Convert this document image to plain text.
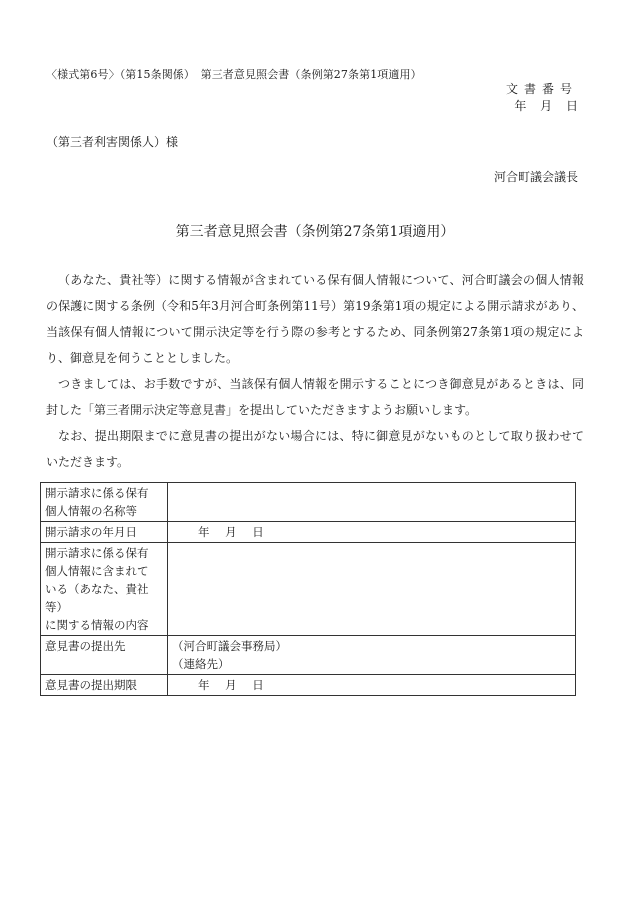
〈様式第6号〉（第15条関係）　第三者意見照会書（条例第27条第1項適用）
文書番号
年 月 日
（第三者利害関係人）様
河合町議会議長
第三者意見照会書（条例第27条第1項適用）

（あなた、貴社等）に関する情報が含まれている保有個人情報について、河合町議会の個人情報の保護に関する条例（令和5年3月河合町条例第11号）第19条第1項の規定による開示請求があり、当該保有個人情報について開示決定等を行う際の参考とするため、同条例第27条第1項の規定により、御意見を伺うこととしました。

つきましては、お手数ですが、当該保有個人情報を開示することにつき御意見があるときは、同封した「第三者開示決定等意見書」を提出していただきますようお願いします。

なお、提出期限までに意見書の提出がない場合には、特に御意見がないものとして取り扱わせていただきます。

開示請求に係る保有
個人情報の名称等	

開示請求の年月日	年 月 日

開示請求に係る保有
個人情報に含まれて
いる（あなた、貴社等）
に関する情報の内容	

意見書の提出先	（河合町議会事務局）
（連絡先）

意見書の提出期限	年 月 日
